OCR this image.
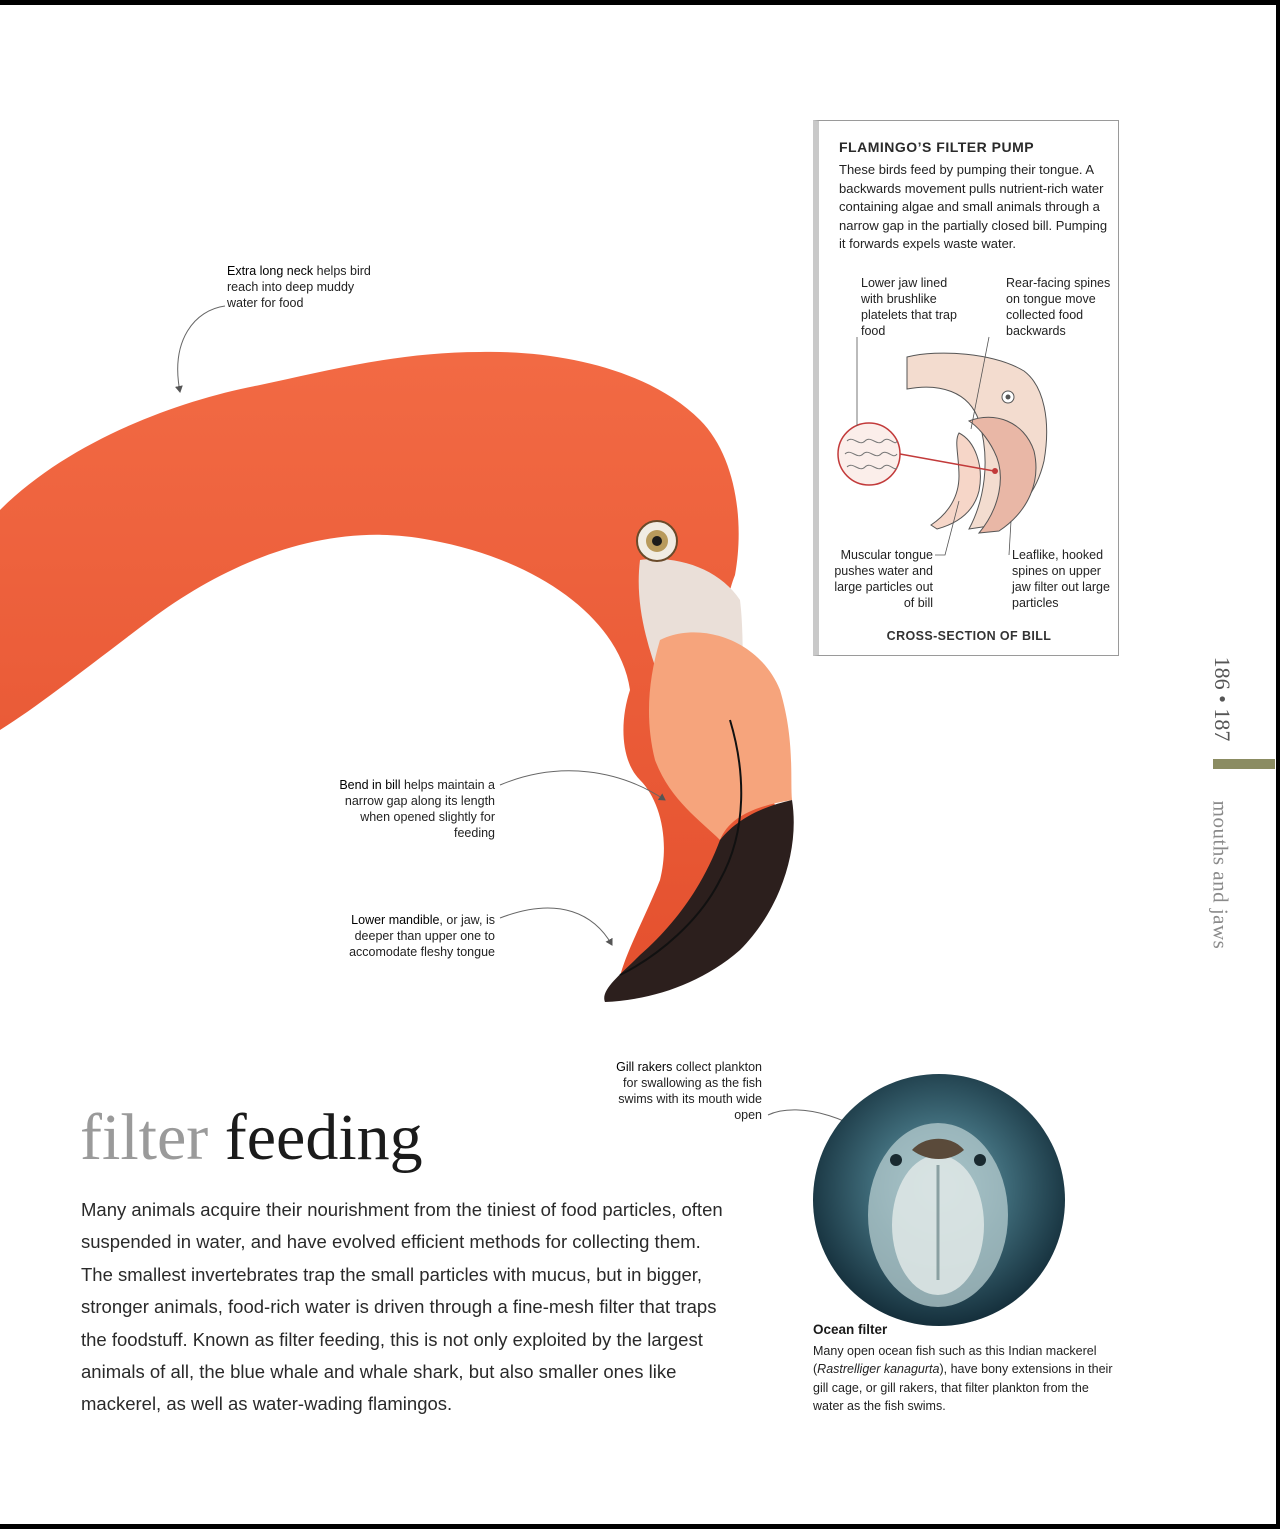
Extra long neck helps bird reach into deep muddy water for food
Bend in bill helps maintain a narrow gap along its length when opened slightly for feeding
Lower mandible, or jaw, is deeper than upper one to accomodate fleshy tongue
Gill rakers collect plankton for swallowing as the fish swims with its mouth wide open
FLAMINGO’S FILTER PUMP
These birds feed by pumping their tongue. A backwards movement pulls nutrient-rich water containing algae and small animals through a narrow gap in the partially closed bill. Pumping it forwards expels waste water.
Lower jaw lined with brushlike platelets that trap food
Rear-facing spines on tongue move collected food backwards
Muscular tongue pushes water and large particles out of bill
Leaflike, hooked spines on upper jaw filter out large particles
CROSS-SECTION OF BILL
186 • 187
mouths and jaws
filter feeding
Many animals acquire their nourishment from the tiniest of food particles, often suspended in water, and have evolved efficient methods for collecting them. The smallest invertebrates trap the small particles with mucus, but in bigger, stronger animals, food-rich water is driven through a fine-mesh filter that traps the foodstuff. Known as filter feeding, this is not only exploited by the largest animals of all, the blue whale and whale shark, but also smaller ones like mackerel, as well as water-wading flamingos.
Ocean filter
Many open ocean fish such as this Indian mackerel (Rastrelliger kanagurta), have bony extensions in their gill cage, or gill rakers, that filter plankton from the water as the fish swims.
